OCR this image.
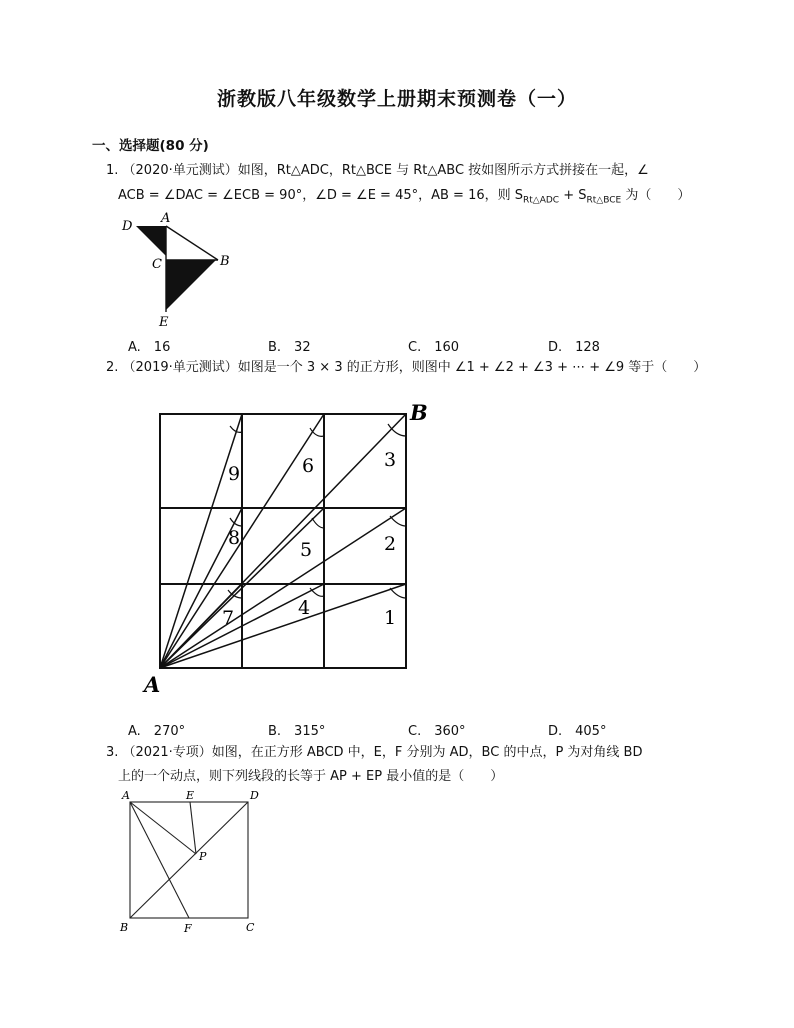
浙教版八年级数学上册期末预测卷（一）
一、选择题(80 分)
1. （2020·单元测试）如图，Rt△ADC，Rt△BCE 与 Rt△ABC 按如图所示方式拼接在一起，∠
ACB = ∠DAC = ∠ECB = 90°，∠D = ∠E = 45°，AB = 16，则 $S_{Rt\triangle ADC} + S_{Rt\triangle BCE}$ 为（　　）
D
A
C	B
E
A.　16	B.　32	C.　160	D.　128
2. （2019·单元测试）如图是一个 3 × 3 的正方形，则图中 ∠1 + ∠2 + ∠3 + ⋯ + ∠9 等于（　　）
9	6	3
8
5	2
7	4	1
A
B
A.　270°	B.　315°	C.　360°	D.　405°
3. （2021·专项）如图，在正方形 ABCD 中，E，F 分别为 AD，BC 的中点，P 为对角线 BD
上的一个动点，则下列线段的长等于 AP + EP 最小值的是（　　）
A	E	D
P
B	F	C
